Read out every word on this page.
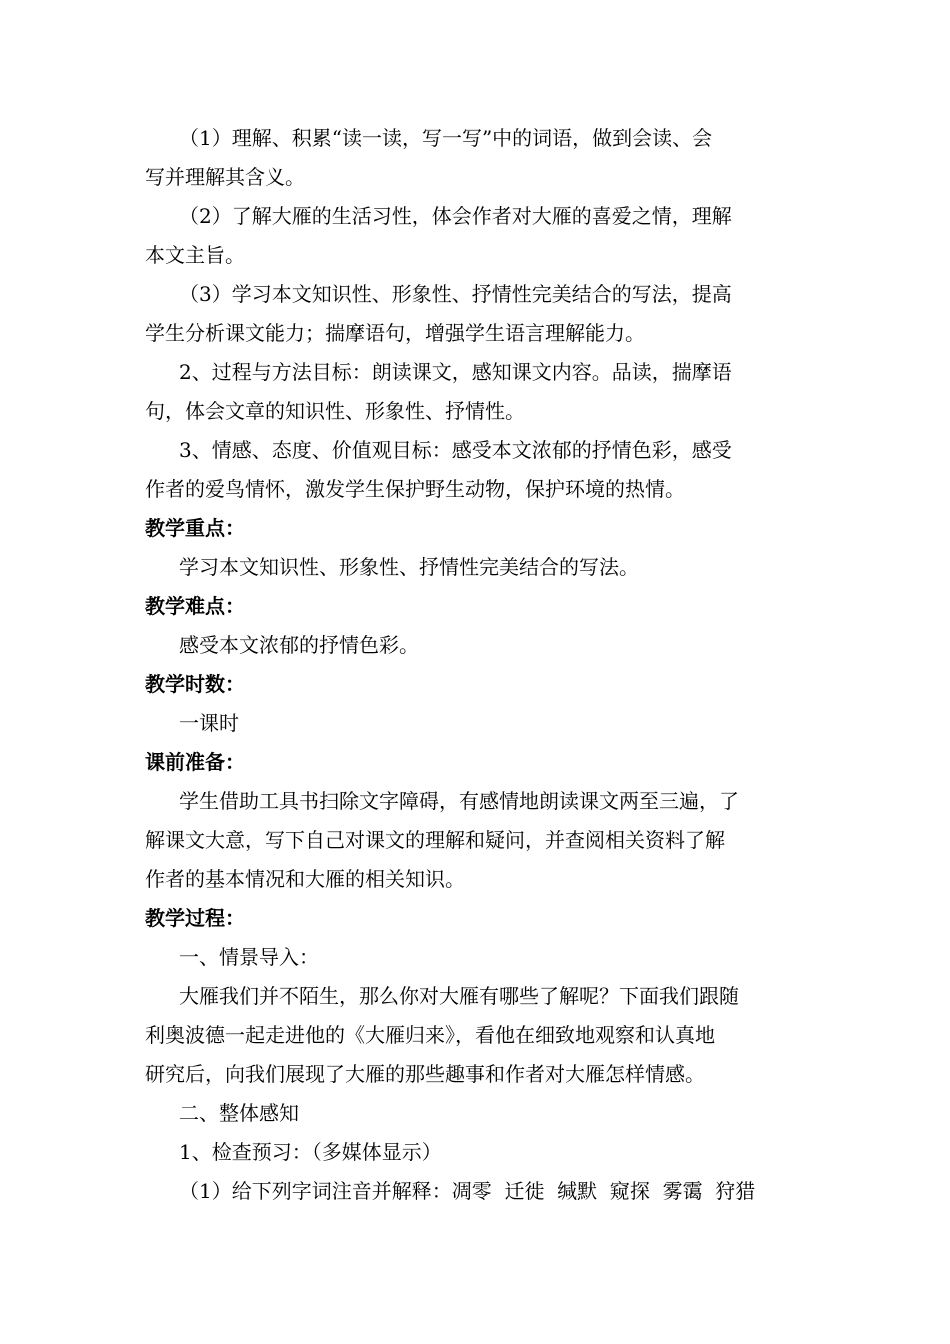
（1）理解、积累“读一读，写一写”中的词语，做到会读、会
写并理解其含义。
（2）了解大雁的生活习性，体会作者对大雁的喜爱之情，理解
本文主旨。
（3）学习本文知识性、形象性、抒情性完美结合的写法，提高
学生分析课文能力；揣摩语句，增强学生语言理解能力。
2、过程与方法目标：朗读课文，感知课文内容。品读，揣摩语
句，体会文章的知识性、形象性、抒情性。
3、情感、态度、价值观目标：感受本文浓郁的抒情色彩，感受
作者的爱鸟情怀，激发学生保护野生动物，保护环境的热情。
教学重点：
学习本文知识性、形象性、抒情性完美结合的写法。
教学难点：
感受本文浓郁的抒情色彩。
教学时数：
一课时
课前准备：
学生借助工具书扫除文字障碍，有感情地朗读课文两至三遍，了
解课文大意，写下自己对课文的理解和疑问，并查阅相关资料了解
作者的基本情况和大雁的相关知识。
教学过程：
一、情景导入：
大雁我们并不陌生，那么你对大雁有哪些了解呢？下面我们跟随
利奥波德一起走进他的《大雁归来》，看他在细致地观察和认真地
研究后，向我们展现了大雁的那些趣事和作者对大雁怎样情感。
二、整体感知
1、检查预习：（多媒体显示）
（1）给下列字词注音并解释：凋零  迁徙  缄默  窥探  雾霭  狩猎
